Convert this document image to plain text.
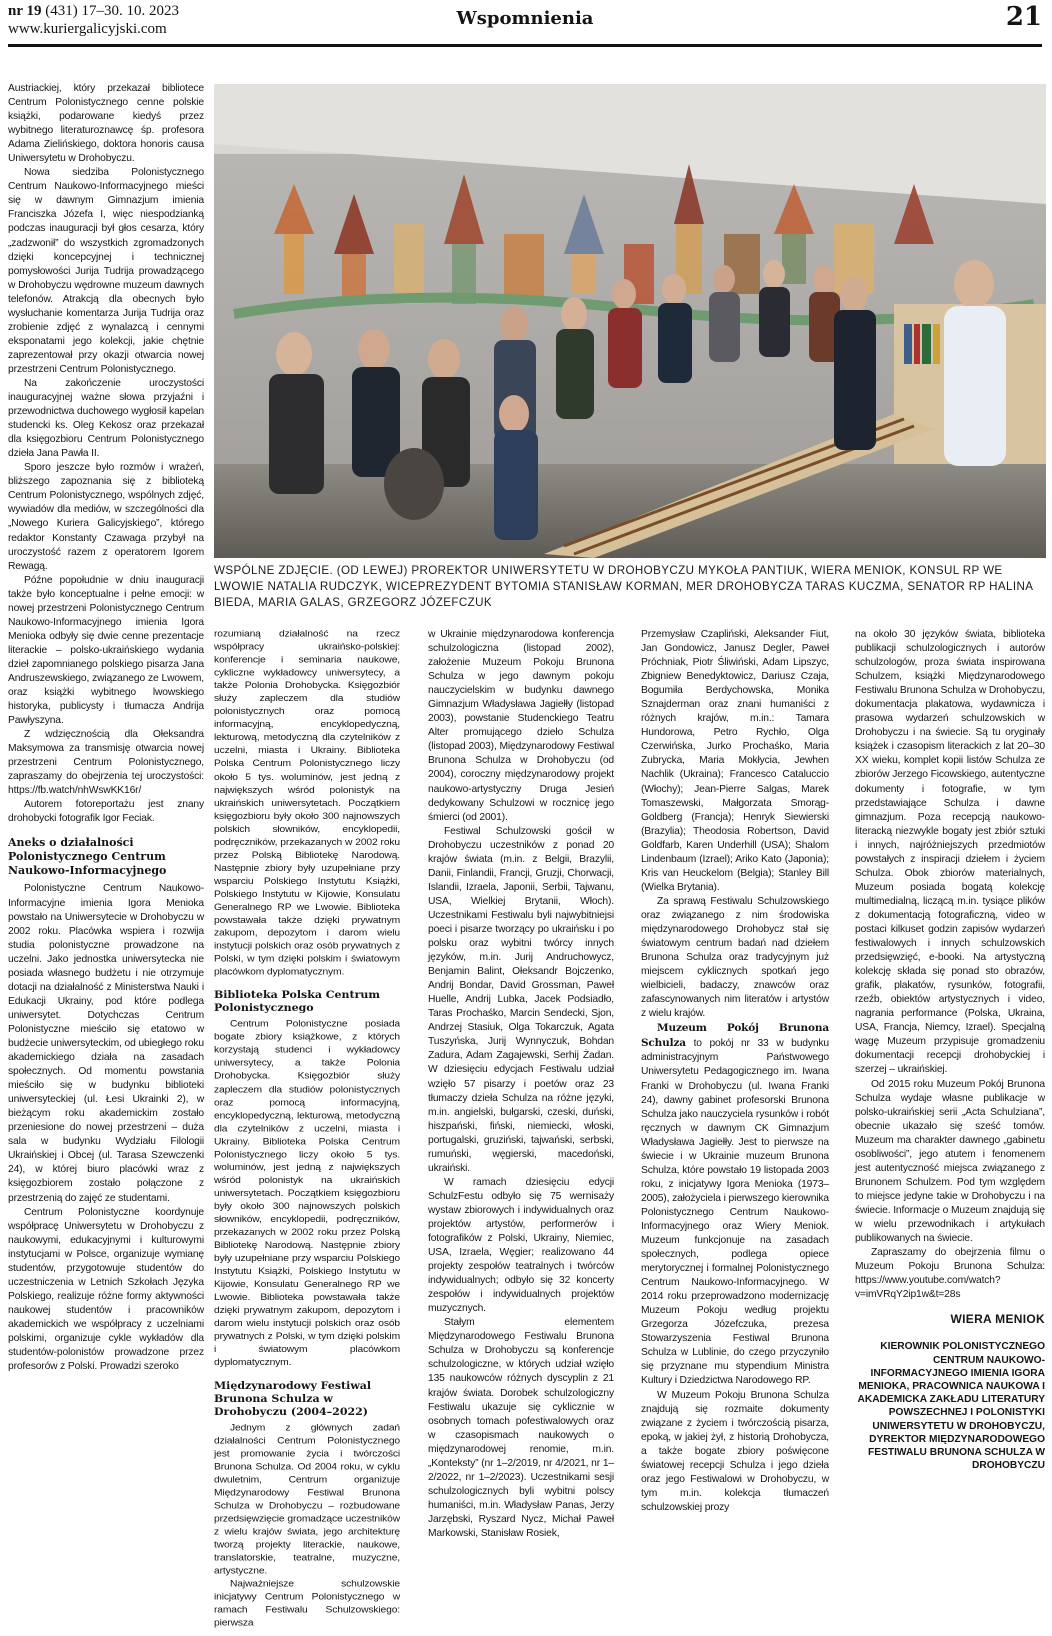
nr 19 (431) 17–30. 10. 2023
www.kuriergalicyjski.com	Wspomnienia	21
WSPÓLNE ZDJĘCIE. (OD LEWEJ) PROREKTOR UNIWERSYTETU W DROHOBYCZU MYKOŁA PANTIUK, WIERA MENIOK, KONSUL RP WE LWOWIE NATALIA RUDCZYK, WICEPREZYDENT BYTOMIA STANISŁAW KORMAN, MER DROHOBYCZA TARAS KUCZMA, SENATOR RP HALINA BIEDA, MARIA GALAS, GRZEGORZ JÓZEFCZUK

Austriackiej, który przekazał bibliotece Centrum Polonistycznego cenne polskie książki, podarowane kiedyś przez wybitnego literaturoznawcę śp. profesora Adama Zielińskiego, doktora honoris causa Uniwersytetu w Drohobyczu.

Nowa siedziba Polonistycznego Centrum Naukowo-Informacyjnego mieści się w dawnym Gimnazjum imienia Franciszka Józefa I, więc niespodzianką podczas inauguracji był głos cesarza, który „zadzwonił” do wszystkich zgromadzonych dzięki koncepcyjnej i technicznej pomysłowości Jurija Tudrija prowadzącego w Drohobyczu wędrowne muzeum dawnych telefonów. Atrakcją dla obecnych było wysłuchanie komentarza Jurija Tudrija oraz zrobienie zdjęć z wynalazcą i cennymi eksponatami jego kolekcji, jakie chętnie zaprezentował przy okazji otwarcia nowej przestrzeni Centrum Polonistycznego.

Na zakończenie uroczystości inauguracyjnej ważne słowa przyjaźni i przewodnictwa duchowego wygłosił kapelan studencki ks. Oleg Kekosz oraz przekazał dla księgozbioru Centrum Polonistycznego dzieła Jana Pawła II.

Sporo jeszcze było rozmów i wrażeń, bliższego zapoznania się z biblioteką Centrum Polonistycznego, wspólnych zdjęć, wywiadów dla mediów, w szczególności dla „Nowego Kuriera Galicyjskiego”, którego redaktor Konstanty Czawaga przybył na uroczystość razem z operatorem Igorem Rewagą.

Późne popołudnie w dniu inauguracji także było konceptualne i pełne emocji: w nowej przestrzeni Polonistycznego Centrum Naukowo-Informacyjnego imienia Igora Menioka odbyły się dwie cenne prezentacje literackie – polsko-ukraińskiego wydania dzieł zapomnianego polskiego pisarza Jana Andruszewskiego, związanego ze Lwowem, oraz książki wybitnego lwowskiego historyka, publicysty i tłumacza Andrija Pawłyszyna.

Z wdzięcznością dla Ołeksandra Maksymowa za transmisję otwarcia nowej przestrzeni Centrum Polonistycznego, zapraszamy do obejrzenia tej uroczystości: https://fb.watch/nhWswKK16r/

Autorem fotoreportażu jest znany drohobycki fotografik Igor Feciak.

Aneks o działalności Polonistycznego Centrum Naukowo-Informacyjnego

Polonistyczne Centrum Naukowo-Informacyjne imienia Igora Menioka powstało na Uniwersytecie w Drohobyczu w 2002 roku. Placówka wspiera i rozwija studia polonistyczne prowadzone na uczelni. Jako jednostka uniwersytecka nie posiada własnego budżetu i nie otrzymuje dotacji na działalność z Ministerstwa Nauki i Edukacji Ukrainy, pod które podlega uniwersytet. Dotychczas Centrum Polonistyczne mieściło się etatowo w budżecie uniwersyteckim, od ubiegłego roku akademickiego działa na zasadach społecznych. Od momentu powstania mieściło się w budynku biblioteki uniwersyteckiej (ul. Łesi Ukrainki 2), w bieżącym roku akademickim zostało przeniesione do nowej przestrzeni – duża sala w budynku Wydziału Filologii Ukraińskiej i Obcej (ul. Tarasa Szewczenki 24), w której biuro placówki wraz z księgozbiorem zostało połączone z przestrzenią do zajęć ze studentami.

Centrum Polonistyczne koordynuje współpracę Uniwersytetu w Drohobyczu z naukowymi, edukacyjnymi i kulturowymi instytucjami w Polsce, organizuje wymianę studentów, przygotowuje studentów do uczestniczenia w Letnich Szkołach Języka Polskiego, realizuje różne formy aktywności naukowej studentów i pracowników akademickich we współpracy z uczelniami polskimi, organizuje cykle wykładów dla studentów-polonistów prowadzone przez profesorów z Polski. Prowadzi szeroko

rozumianą działalność na rzecz współpracy ukraińsko-polskiej: konferencje i seminaria naukowe, cykliczne wykładowcy uniwersytecy, a także Polonia Drohobycka. Księgozbiór służy zapleczem dla studiów polonistycznych oraz pomocą informacyjną, encyklopedyczną, lekturową, metodyczną dla czytelników z uczelni, miasta i Ukrainy. Biblioteka Polska Centrum Polonistycznego liczy około 5 tys. woluminów, jest jedną z największych wśród polonistyk na ukraińskich uniwersytetach. Początkiem księgozbioru były około 300 najnowszych polskich słowników, encyklopedii, podręczników, przekazanych w 2002 roku przez Polską Bibliotekę Narodową. Następnie zbiory były uzupełniane przy wsparciu Polskiego Instytutu Książki, Polskiego Instytutu w Kijowie, Konsulatu Generalnego RP we Lwowie. Biblioteka powstawała także dzięki prywatnym zakupom, depozytom i darom wielu instytucji polskich oraz osób prywatnych z Polski, w tym dzięki polskim i światowym placówkom dyplomatycznym.

Biblioteka Polska Centrum Polonistycznego

Centrum Polonistyczne posiada bogate zbiory książkowe, z których korzystają studenci i wykładowcy uniwersytecy, a także Polonia Drohobycka. Księgozbiór służy zapleczem dla studiów polonistycznych oraz pomocą informacyjną, encyklopedyczną, lekturową, metodyczną dla czytelników z uczelni, miasta i Ukrainy. Biblioteka Polska Centrum Polonistycznego liczy około 5 tys. woluminów, jest jedną z największych wśród polonistyk na ukraińskich uniwersytetach. Początkiem księgozbioru były około 300 najnowszych polskich słowników, encyklopedii, podręczników, przekazanych w 2002 roku przez Polską Bibliotekę Narodową. Następnie zbiory były uzupełniane przy wsparciu Polskiego Instytutu Książki, Polskiego Instytutu w Kijowie, Konsulatu Generalnego RP we Lwowie. Biblioteka powstawała także dzięki prywatnym zakupom, depozytom i darom wielu instytucji polskich oraz osób prywatnych z Polski, w tym dzięki polskim i światowym placówkom dyplomatycznym.

Międzynarodowy Festiwal Brunona Schulza w Drohobyczu (2004–2022)

Jednym z głównych zadań działalności Centrum Polonistycznego jest promowanie życia i twórczości Brunona Schulza. Od 2004 roku, w cyklu dwuletnim, Centrum organizuje Międzynarodowy Festiwal Brunona Schulza w Drohobyczu – rozbudowane przedsięwzięcie gromadzące uczestników z wielu krajów świata, jego architekturę tworzą projekty literackie, naukowe, translatorskie, teatralne, muzyczne, artystyczne.

Najważniejsze schulzowskie inicjatywy Centrum Polonistycznego w ramach Festiwalu Schulzowskiego: pierwsza

w Ukrainie międzynarodowa konferencja schulzologiczna (listopad 2002), założenie Muzeum Pokoju Brunona Schulza w jego dawnym pokoju nauczycielskim w budynku dawnego Gimnazjum Władysława Jagiełły (listopad 2003), powstanie Studenckiego Teatru Alter promującego dzieło Schulza (listopad 2003), Międzynarodowy Festiwal Brunona Schulza w Drohobyczu (od 2004), coroczny międzynarodowy projekt naukowo-artystyczny Druga Jesień dedykowany Schulzowi w rocznicę jego śmierci (od 2001).

Festiwal Schulzowski gościł w Drohobyczu uczestników z ponad 20 krajów świata (m.in. z Belgii, Brazylii, Danii, Finlandii, Francji, Gruzji, Chorwacji, Islandii, Izraela, Japonii, Serbii, Tajwanu, USA, Wielkiej Brytanii, Włoch). Uczestnikami Festiwalu byli najwybitniejsi poeci i pisarze tworzący po ukraińsku i po polsku oraz wybitni twórcy innych języków, m.in. Jurij Andruchowycz, Benjamin Balint, Ołeksandr Bojczenko, Andrij Bondar, David Grossman, Paweł Huelle, Andrij Lubka, Jacek Podsiadło, Taras Prochaśko, Marcin Sendecki, Sjon, Andrzej Stasiuk, Olga Tokarczuk, Agata Tuszyńska, Jurij Wynnyczuk, Bohdan Zadura, Adam Zagajewski, Serhij Żadan. W dziesięciu edycjach Festiwalu udział wzięło 57 pisarzy i poetów oraz 23 tłumaczy dzieła Schulza na różne języki, m.in. angielski, bułgarski, czeski, duński, hiszpański, fiński, niemiecki, włoski, portugalski, gruziński, tajwański, serbski, rumuński, węgierski, macedoński, ukraiński.

W ramach dziesięciu edycji SchulzFestu odbyło się 75 wernisaży wystaw zbiorowych i indywidualnych oraz projektów artystów, performerów i fotografików z Polski, Ukrainy, Niemiec, USA, Izraela, Węgier; realizowano 44 projekty zespołów teatralnych i twórców indywidualnych; odbyło się 32 koncerty zespołów i indywidualnych projektów muzycznych.

Stałym elementem Międzynarodowego Festiwalu Brunona Schulza w Drohobyczu są konferencje schulzologiczne, w których udział wzięło 135 naukowców różnych dyscyplin z 21 krajów świata. Dorobek schulzologiczny Festiwalu ukazuje się cyklicznie w osobnych tomach pofestiwalowych oraz w czasopismach naukowych o międzynarodowej renomie, m.in. „Konteksty” (nr 1–2/2019, nr 4/2021, nr 1–2/2022, nr 1–2/2023). Uczestnikami sesji schulzologicznych byli wybitni polscy humaniści, m.in. Władysław Panas, Jerzy Jarzębski, Ryszard Nycz, Michał Paweł Markowski, Stanisław Rosiek,

Przemysław Czapliński, Aleksander Fiut, Jan Gondowicz, Janusz Degler, Paweł Próchniak, Piotr Śliwiński, Adam Lipszyc, Zbigniew Benedyktowicz, Dariusz Czaja, Bogumiła Berdychowska, Monika Sznajderman oraz znani humaniści z różnych krajów, m.in.: Tamara Hundorowa, Petro Rychło, Olga Czerwińska, Jurko Prochaśko, Maria Zubrycka, Maria Mokłycia, Jewhen Nachlik (Ukraina); Francesco Cataluccio (Włochy); Jean-Pierre Salgas, Marek Tomaszewski, Małgorzata Smorąg-Goldberg (Francja); Henryk Siewierski (Brazylia); Theodosia Robertson, David Goldfarb, Karen Underhill (USA); Shalom Lindenbaum (Izrael); Ariko Kato (Japonia); Kris van Heuckelom (Belgia); Stanley Bill (Wielka Brytania).

Za sprawą Festiwalu Schulzowskiego oraz związanego z nim środowiska międzynarodowego Drohobycz stał się światowym centrum badań nad dziełem Brunona Schulza oraz tradycyjnym już miejscem cyklicznych spotkań jego wielbicieli, badaczy, znawców oraz zafascynowanych nim literatów i artystów z wielu krajów.

Muzeum Pokój Brunona Schulza to pokój nr 33 w budynku administracyjnym Państwowego Uniwersytetu Pedagogicznego im. Iwana Franki w Drohobyczu (ul. Iwana Franki 24), dawny gabinet profesorski Brunona Schulza jako nauczyciela rysunków i robót ręcznych w dawnym CK Gimnazjum Władysława Jagiełły. Jest to pierwsze na świecie i w Ukrainie muzeum Brunona Schulza, które powstało 19 listopada 2003 roku, z inicjatywy Igora Menioka (1973–2005), założyciela i pierwszego kierownika Polonistycznego Centrum Naukowo-Informacyjnego oraz Wiery Meniok. Muzeum funkcjonuje na zasadach społecznych, podlega opiece merytorycznej i formalnej Polonistycznego Centrum Naukowo-Informacyjnego. W 2014 roku przeprowadzono modernizację Muzeum Pokoju według projektu Grzegorza Józefczuka, prezesa Stowarzyszenia Festiwal Brunona Schulza w Lublinie, do czego przyczyniło się przyznane mu stypendium Ministra Kultury i Dziedzictwa Narodowego RP.

W Muzeum Pokoju Brunona Schulza znajdują się rozmaite dokumenty związane z życiem i twórczością pisarza, epoką, w jakiej żył, z historią Drohobycza, a także bogate zbiory poświęcone światowej recepcji Schulza i jego dzieła oraz jego Festiwalowi w Drohobyczu, w tym m.in. kolekcja tłumaczeń schulzowskiej prozy

na około 30 języków świata, biblioteka publikacji schulzologicznych i autorów schulzologów, proza świata inspirowana Schulzem, książki Międzynarodowego Festiwalu Brunona Schulza w Drohobyczu, dokumentacja plakatowa, wydawnicza i prasowa wydarzeń schulzowskich w Drohobyczu i na świecie. Są tu oryginały książek i czasopism literackich z lat 20–30 XX wieku, komplet kopii listów Schulza ze zbiorów Jerzego Ficowskiego, autentyczne dokumenty i fotografie, w tym przedstawiające Schulza i dawne gimnazjum. Poza recepcją naukowo-literacką niezwykle bogaty jest zbiór sztuki i innych, najróżniejszych przedmiotów powstałych z inspiracji dziełem i życiem Schulza. Obok zbiorów materialnych, Muzeum posiada bogatą kolekcję multimedialną, liczącą m.in. tysiące plików z dokumentacją fotograficzną, video w postaci kilkuset godzin zapisów wydarzeń festiwalowych i innych schulzowskich przedsięwzięć, e-booki. Na artystyczną kolekcję składa się ponad sto obrazów, grafik, plakatów, rysunków, fotografii, rzeźb, obiektów artystycznych i video, nagrania performance (Polska, Ukraina, USA, Francja, Niemcy, Izrael). Specjalną wagę Muzeum przypisuje gromadzeniu dokumentacji recepcji drohobyckiej i szerzej – ukraińskiej.

Od 2015 roku Muzeum Pokój Brunona Schulza wydaje własne publikacje w polsko-ukraińskiej serii „Acta Schulziana”, obecnie ukazało się sześć tomów. Muzeum ma charakter dawnego „gabinetu osobliwości”, jego atutem i fenomenem jest autentyczność miejsca związanego z Brunonem Schulzem. Pod tym względem to miejsce jedyne takie w Drohobyczu i na świecie. Informacje o Muzeum znajdują się w wielu przewodnikach i artykułach publikowanych na świecie.

Zapraszamy do obejrzenia filmu o Muzeum Pokoju Brunona Schulza: https://www.youtube.com/watch?v=imVRqY2ip1w&t=28s

WIERA MENIOK
KIEROWNIK POLONISTYCZNEGO CENTRUM NAUKOWO-INFORMACYJNEGO IMIENIA IGORA MENIOKA, PRACOWNICA NAUKOWA I AKADEMICKA ZAKŁADU LITERATURY POWSZECHNEJ I POLONISTYKI UNIWERSYTETU W DROHOBYCZU, DYREKTOR MIĘDZYNARODOWEGO FESTIWALU BRUNONA SCHULZA W DROHOBYCZU
